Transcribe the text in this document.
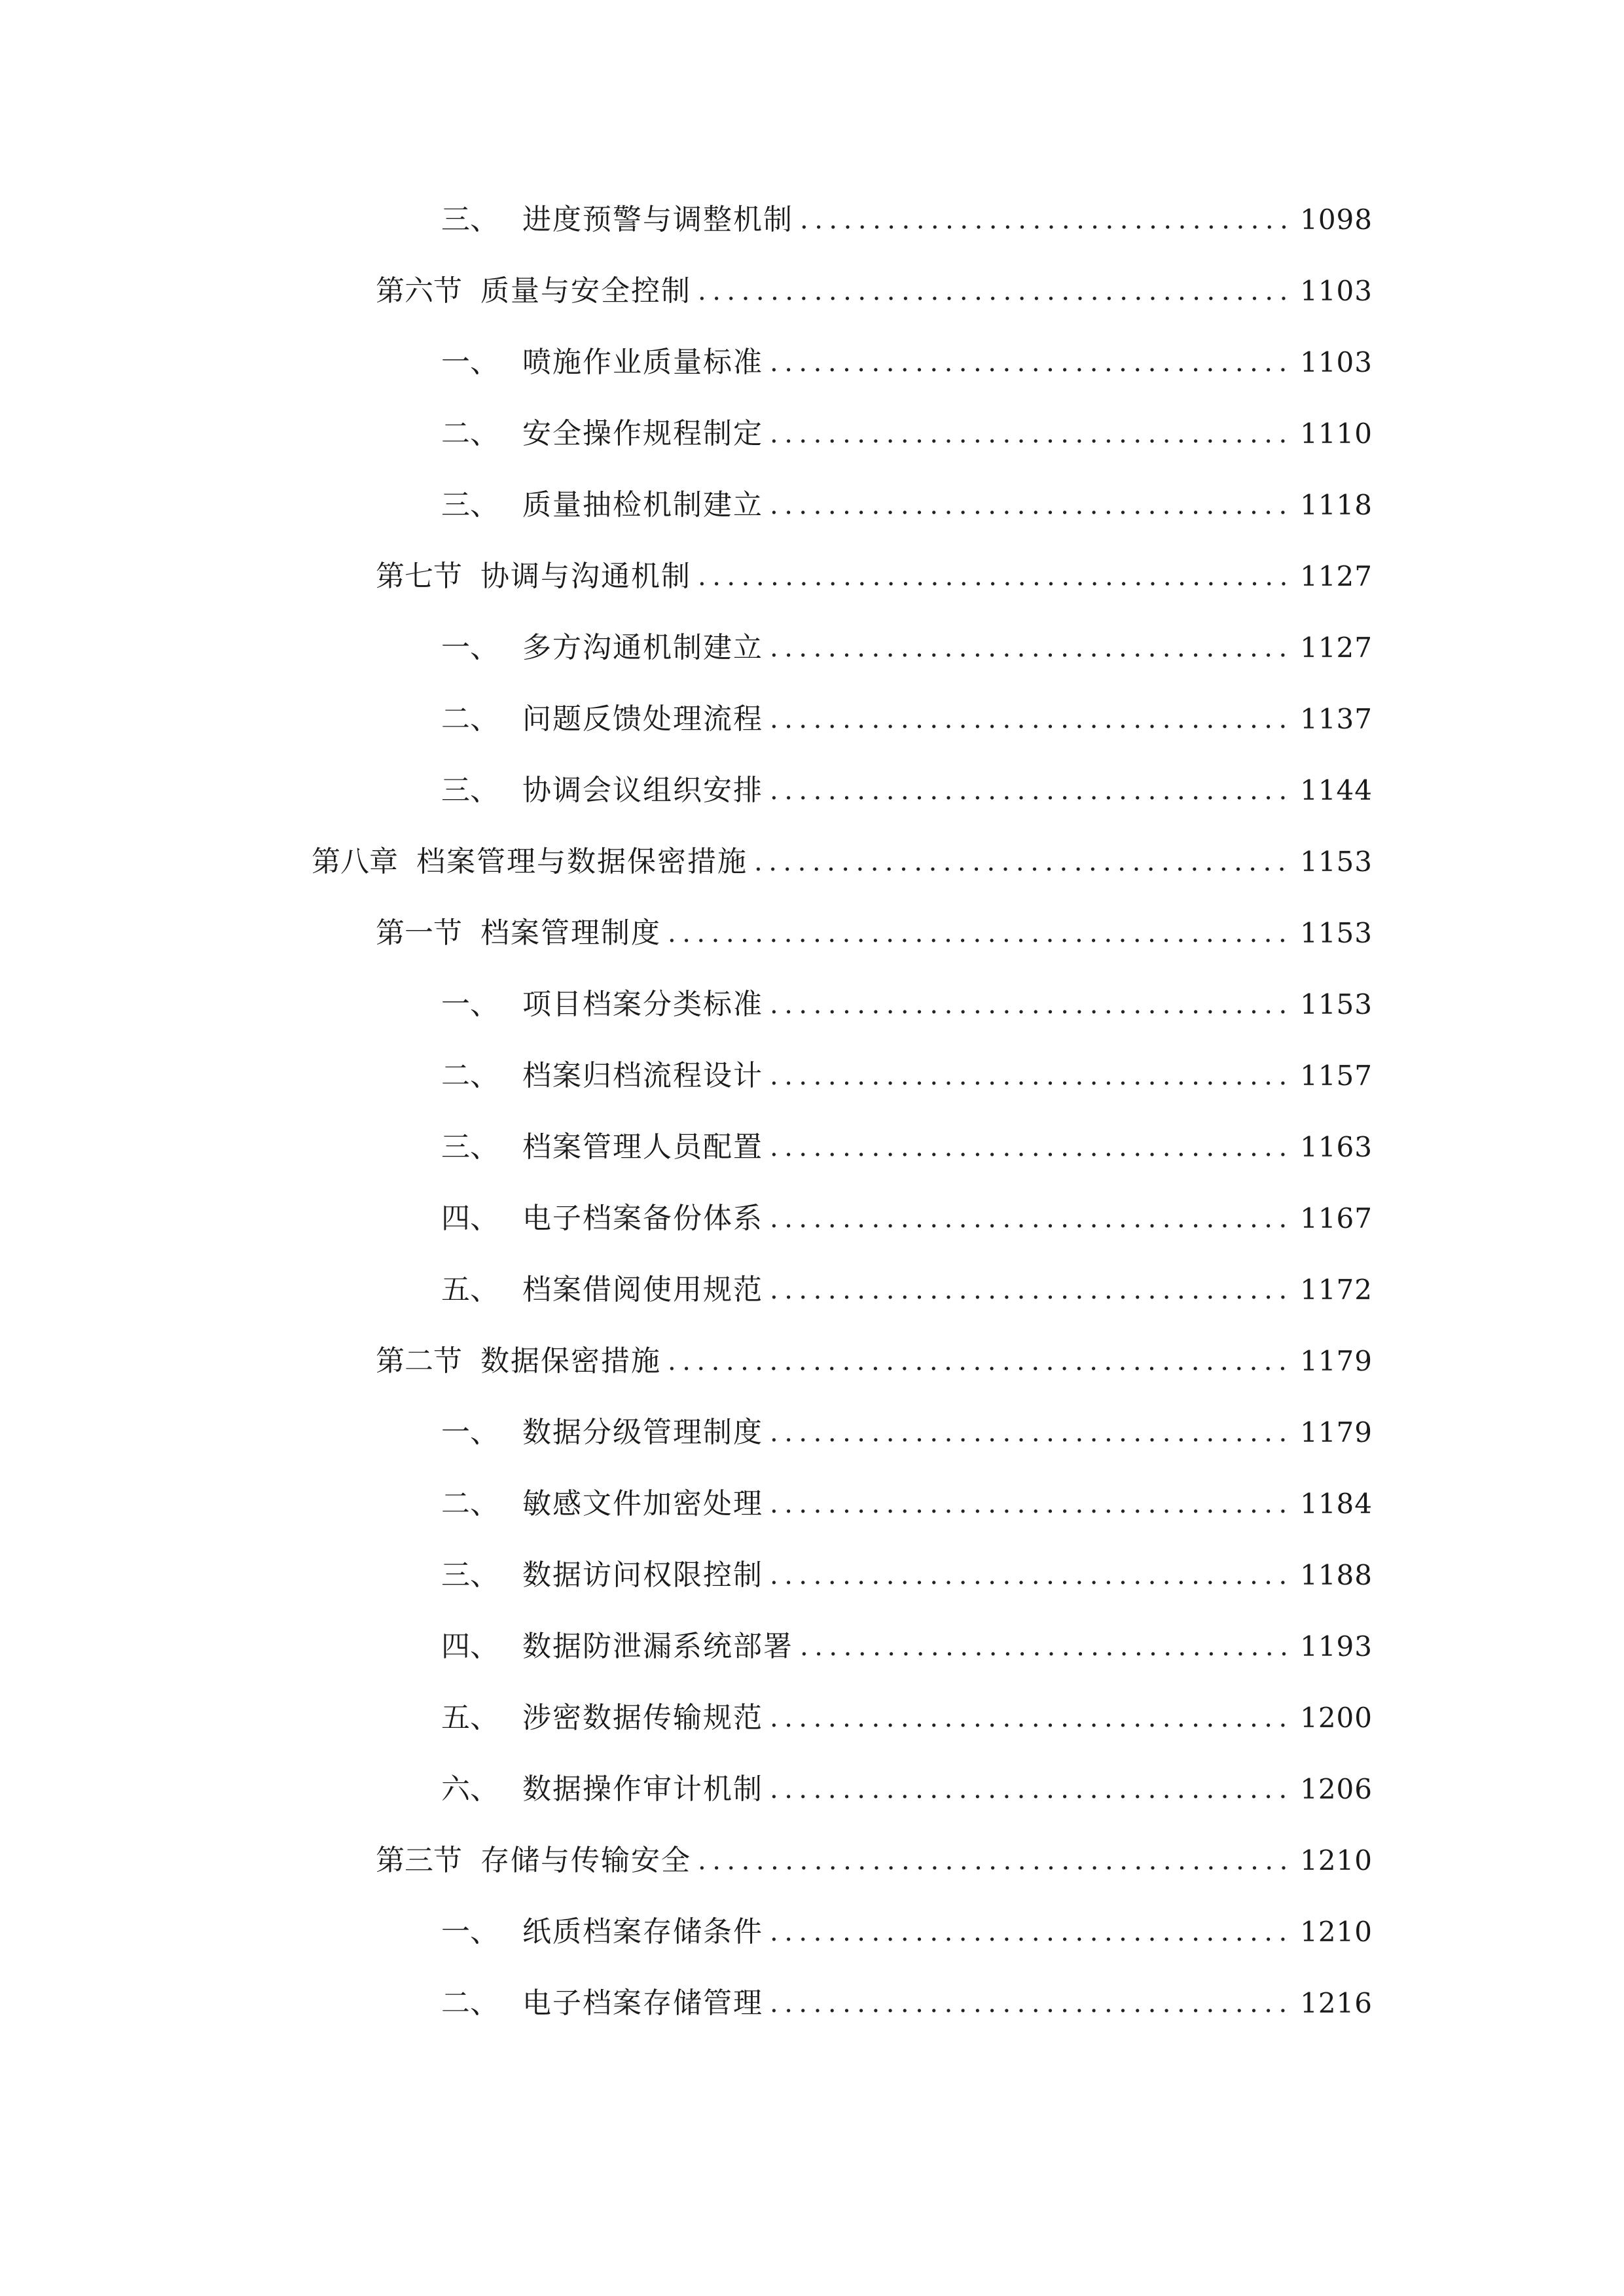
三、 进度预警与调整机制 .....	1098
第六节 质量与安全控制 .....	1103
一、 喷施作业质量标准 .....	1103
二、 安全操作规程制定 .....	1110
三、 质量抽检机制建立 .....	1118
第七节 协调与沟通机制 .....	1127
一、 多方沟通机制建立 .....	1127
二、 问题反馈处理流程 .....	1137
三、 协调会议组织安排 .....	1144
第八章 档案管理与数据保密措施 .....	1153
第一节 档案管理制度 .....	1153
一、 项目档案分类标准 .....	1153
二、 档案归档流程设计 .....	1157
三、 档案管理人员配置 .....	1163
四、 电子档案备份体系 .....	1167
五、 档案借阅使用规范 .....	1172
第二节 数据保密措施 .....	1179
一、 数据分级管理制度 .....	1179
二、 敏感文件加密处理 .....	1184
三、 数据访问权限控制 .....	1188
四、 数据防泄漏系统部署 .....	1193
五、 涉密数据传输规范 .....	1200
六、 数据操作审计机制 .....	1206
第三节 存储与传输安全 .....	1210
一、 纸质档案存储条件 .....	1210
二、 电子档案存储管理 .....	1216
